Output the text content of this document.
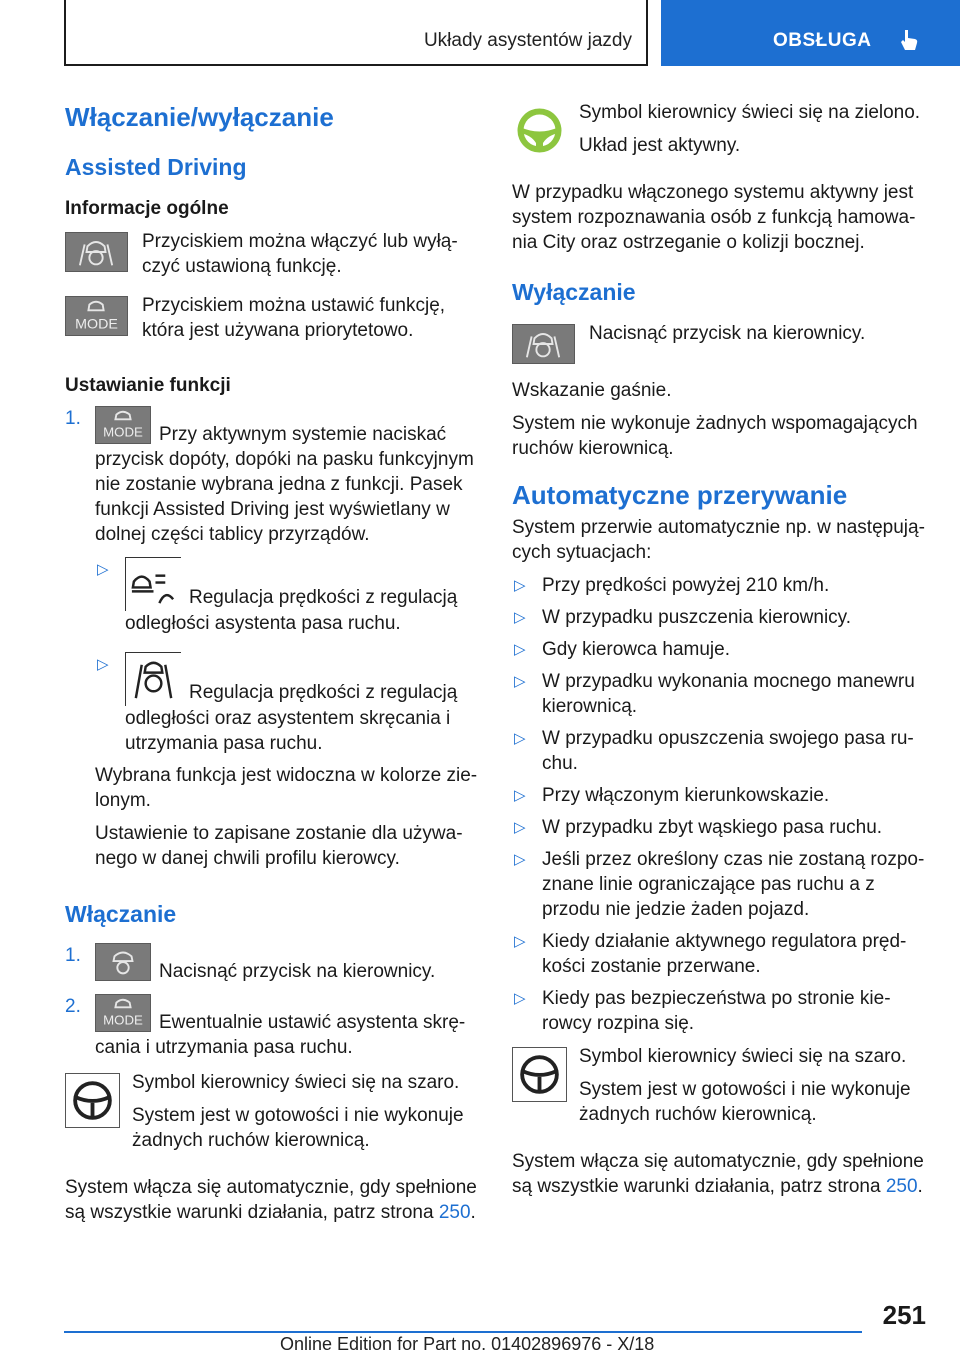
Układy asystentów jazdy	OBSŁUGA
Włączanie/wyłączanie
Assisted Driving
Informacje ogólne
Przyciskiem można włączyć lub wyłą‐czyć ustawioną funkcję.
MODE
Przyciskiem można ustawić funkcję, która jest używana priorytetowo.
Ustawianie funkcji
1.
MODE Przy aktywnym systemie naciskać przycisk dopóty, dopóki na pasku funkcyjnym nie zostanie wybrana jedna z funkcji. Pasek funkcji Assisted Driving jest wyświetlany w dolnej części tablicy przyrządów.
▷
Regulacja prędkości z regulacją odległości asystenta pasa ruchu.
▷
Regulacja prędkości z regulacją odległości oraz asystentem skręcania i utrzymania pasa ruchu.

Wybrana funkcja jest widoczna w kolorze zie‐lonym.

Ustawienie to zapisane zostanie dla używa‐nego w danej chwili profilu kierowcy.

Włączanie
1.
Nacisnąć przycisk na kierownicy.
2.
MODE Ewentualnie ustawić asystenta skrę‐cania i utrzymania pasa ruchu.

Symbol kierownicy świeci się na szaro.

System jest w gotowości i nie wykonuje żadnych ruchów kierownicą.

System włącza się automatycznie, gdy spełnione są wszystkie warunki działania, patrz strona 250.

Symbol kierownicy świeci się na zielono.

Układ jest aktywny.

W przypadku włączonego systemu aktywny jest system rozpoznawania osób z funkcją hamowa‐nia City oraz ostrzeganie o kolizji bocznej.

Wyłączanie
Nacisnąć przycisk na kierownicy.

Wskazanie gaśnie.

System nie wykonuje żadnych wspomagających ruchów kierownicą.

Automatyczne przerywanie

System przerwie automatycznie np. w następują‐cych sytuacjach:

▷ Przy prędkości powyżej 210 km/h.
▷ W przypadku puszczenia kierownicy.
▷ Gdy kierowca hamuje.
▷ W przypadku wykonania mocnego manewru kierownicą.
▷ W przypadku opuszczenia swojego pasa ru‐chu.
▷ Przy włączonym kierunkowskazie.
▷ W przypadku zbyt wąskiego pasa ruchu.
▷ Jeśli przez określony czas nie zostaną rozpo‐znane linie ograniczające pas ruchu a z przodu nie jedzie żaden pojazd.
▷ Kiedy działanie aktywnego regulatora pręd‐kości zostanie przerwane.
▷ Kiedy pas bezpieczeństwa po stronie kie‐rowcy rozpina się.

Symbol kierownicy świeci się na szaro.

System jest w gotowości i nie wykonuje żadnych ruchów kierownicą.

System włącza się automatycznie, gdy spełnione są wszystkie warunki działania, patrz strona 250.

251
Online Edition for Part no. 01402896976 - X/18
